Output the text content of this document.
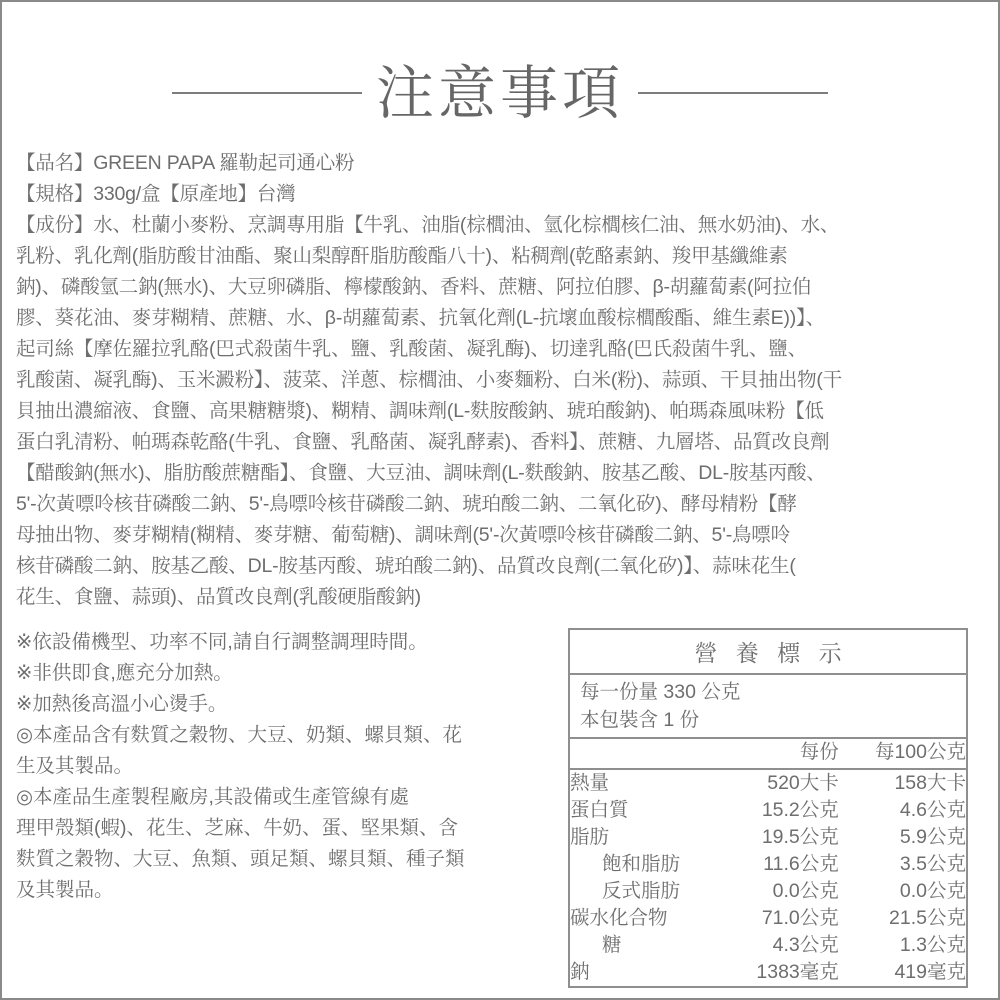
注意事項
【品名】GREEN PAPA 羅勒起司通心粉
【規格】330g/盒【原產地】台灣
【成份】水、杜蘭小麥粉、烹調專用脂【牛乳、油脂(棕櫚油、氫化棕櫚核仁油、無水奶油)、水、
乳粉、乳化劑(脂肪酸甘油酯、聚山梨醇酐脂肪酸酯八十)、粘稠劑(乾酪素鈉、羧甲基纖維素
鈉)、磷酸氫二鈉(無水)、大豆卵磷脂、檸檬酸鈉、香料、蔗糖、阿拉伯膠、β-胡蘿蔔素(阿拉伯
膠、葵花油、麥芽糊精、蔗糖、水、β-胡蘿蔔素、抗氧化劑(L-抗壞血酸棕櫚酸酯、維生素E))】、
起司絲【摩佐羅拉乳酪(巴式殺菌牛乳、鹽、乳酸菌、凝乳酶)、切達乳酪(巴氏殺菌牛乳、鹽、
乳酸菌、凝乳酶)、玉米澱粉】、菠菜、洋蔥、棕櫚油、小麥麵粉、白米(粉)、蒜頭、干貝抽出物(干
貝抽出濃縮液、食鹽、高果糖糖漿)、糊精、調味劑(L-麩胺酸鈉、琥珀酸鈉)、帕瑪森風味粉【低
蛋白乳清粉、帕瑪森乾酪(牛乳、食鹽、乳酪菌、凝乳酵素)、香料】、蔗糖、九層塔、品質改良劑
【醋酸鈉(無水)、脂肪酸蔗糖酯】、食鹽、大豆油、調味劑(L-麩酸鈉、胺基乙酸、DL-胺基丙酸、
5'-次黃嘌呤核苷磷酸二鈉、5'-鳥嘌呤核苷磷酸二鈉、琥珀酸二鈉、二氧化矽)、酵母精粉【酵
母抽出物、麥芽糊精(糊精、麥芽糖、葡萄糖)、調味劑(5'-次黃嘌呤核苷磷酸二鈉、5'-鳥嘌呤
核苷磷酸二鈉、胺基乙酸、DL-胺基丙酸、琥珀酸二鈉)、品質改良劑(二氧化矽)】、蒜味花生(
花生、食鹽、蒜頭)、品質改良劑(乳酸硬脂酸鈉)
※依設備機型、功率不同,請自行調整調理時間。
※非供即食,應充分加熱。
※加熱後高溫小心燙手。
◎本產品含有麩質之穀物、大豆、奶類、螺貝類、花
生及其製品。
◎本產品生產製程廠房,其設備或生產管線有處
理甲殼類(蝦)、花生、芝麻、牛奶、蛋、堅果類、含
麩質之穀物、大豆、魚類、頭足類、螺貝類、種子類
及其製品。
營 養 標 示
每一份量 330 公克
本包裝含 1 份
	每份	每100公克
熱量	520大卡	158大卡
蛋白質	15.2公克	4.6公克
脂肪	19.5公克	5.9公克
飽和脂肪	11.6公克	3.5公克
反式脂肪	0.0公克	0.0公克
碳水化合物	71.0公克	21.5公克
糖	4.3公克	1.3公克
鈉	1383毫克	419毫克
